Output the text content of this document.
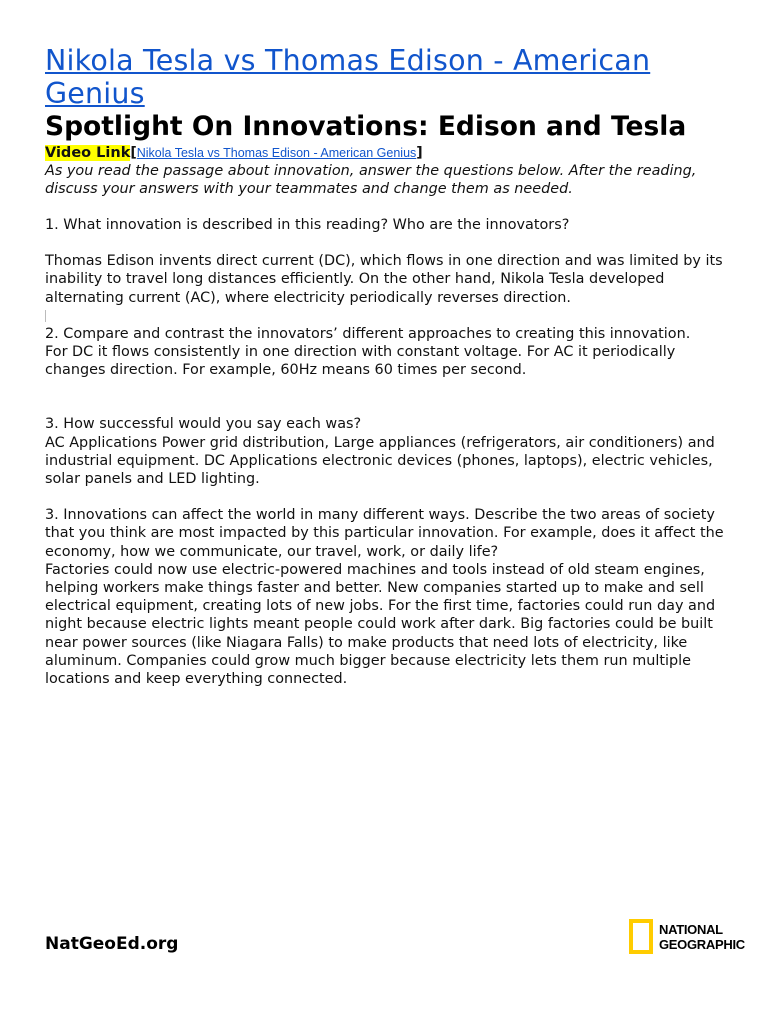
Nikola Tesla vs Thomas Edison - American Genius
Spotlight On Innovations: Edison and Tesla
Video Link[Nikola Tesla vs Thomas Edison - American Genius]

As you read the passage about innovation, answer the questions below. After the reading, discuss your answers with your teammates and change them as needed.

1. What innovation is described in this reading? Who are the innovators?

Thomas Edison invents direct current (DC), which flows in one direction and was limited by its inability to travel long distances efficiently. On the other hand, Nikola Tesla developed alternating current (AC), where electricity periodically reverses direction.

2. Compare and contrast the innovators’ different approaches to creating this innovation.

For DC it flows consistently in one direction with constant voltage. For AC it periodically changes direction. For example, 60Hz means 60 times per second.

3. How successful would you say each was?

AC Applications Power grid distribution, Large appliances (refrigerators, air conditioners) and industrial equipment. DC Applications electronic devices (phones, laptops), electric vehicles, solar panels and LED lighting.

3. Innovations can affect the world in many different ways. Describe the two areas of society that you think are most impacted by this particular innovation. For example, does it affect the economy, how we communicate, our travel, work, or daily life?

Factories could now use electric-powered machines and tools instead of old steam engines, helping workers make things faster and better. New companies started up to make and sell electrical equipment, creating lots of new jobs. For the first time, factories could run day and night because electric lights meant people could work after dark. Big factories could be built near power sources (like Niagara Falls) to make products that need lots of electricity, like aluminum. Companies could grow much bigger because electricity lets them run multiple locations and keep everything connected.

NatGeoEd.org
NATIONAL
GEOGRAPHIC
